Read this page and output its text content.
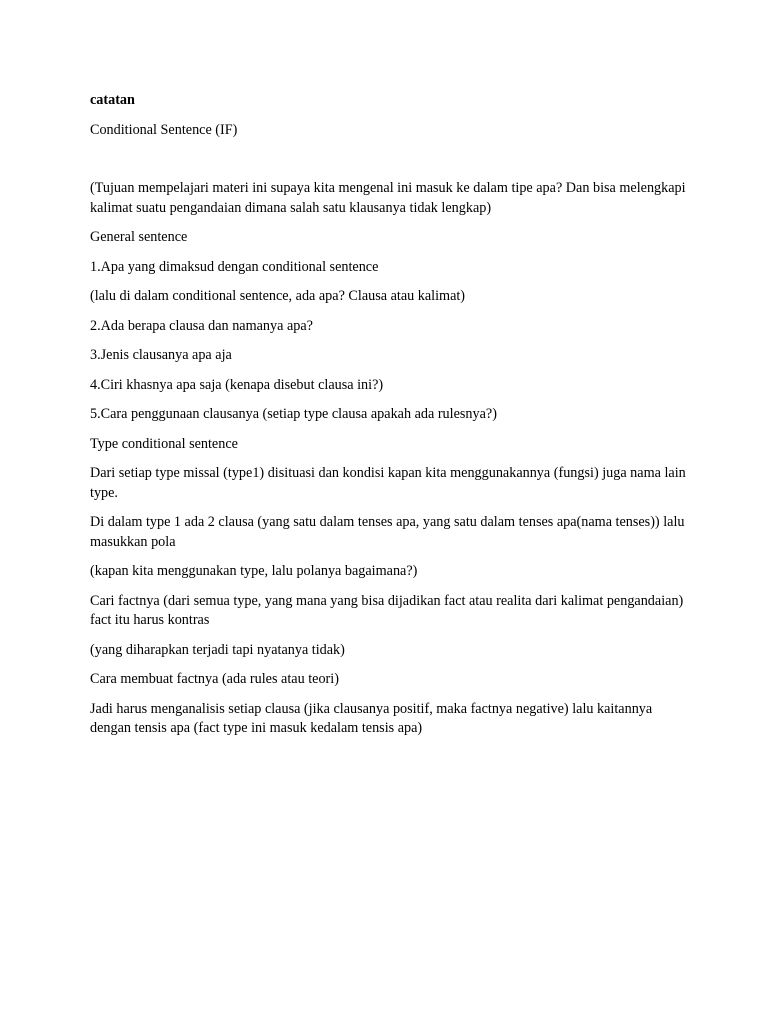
catatan

Conditional Sentence (IF)

(Tujuan mempelajari materi ini supaya kita mengenal ini masuk ke dalam tipe apa? Dan bisa melengkapi kalimat suatu pengandaian dimana salah satu klausanya tidak lengkap)

General sentence

1.Apa yang dimaksud dengan conditional sentence

(lalu di dalam conditional sentence, ada apa? Clausa atau kalimat)

2.Ada berapa clausa dan namanya apa?

3.Jenis clausanya apa aja

4.Ciri khasnya apa saja (kenapa disebut clausa ini?)

5.Cara penggunaan clausanya (setiap type clausa apakah ada rulesnya?)

Type conditional sentence

Dari setiap type missal (type1) disituasi dan kondisi kapan kita menggunakannya (fungsi) juga nama lain type.

Di dalam type 1 ada 2 clausa (yang satu dalam tenses apa, yang satu dalam tenses apa(nama tenses)) lalu masukkan pola

(kapan kita menggunakan type, lalu polanya bagaimana?)

Cari factnya (dari semua type, yang mana yang bisa dijadikan fact atau realita dari kalimat pengandaian) fact itu harus kontras

(yang diharapkan terjadi tapi nyatanya tidak)

Cara membuat factnya (ada rules atau teori)

Jadi harus menganalisis setiap clausa (jika clausanya positif, maka factnya negative) lalu kaitannya dengan tensis apa (fact type ini masuk kedalam tensis apa)
